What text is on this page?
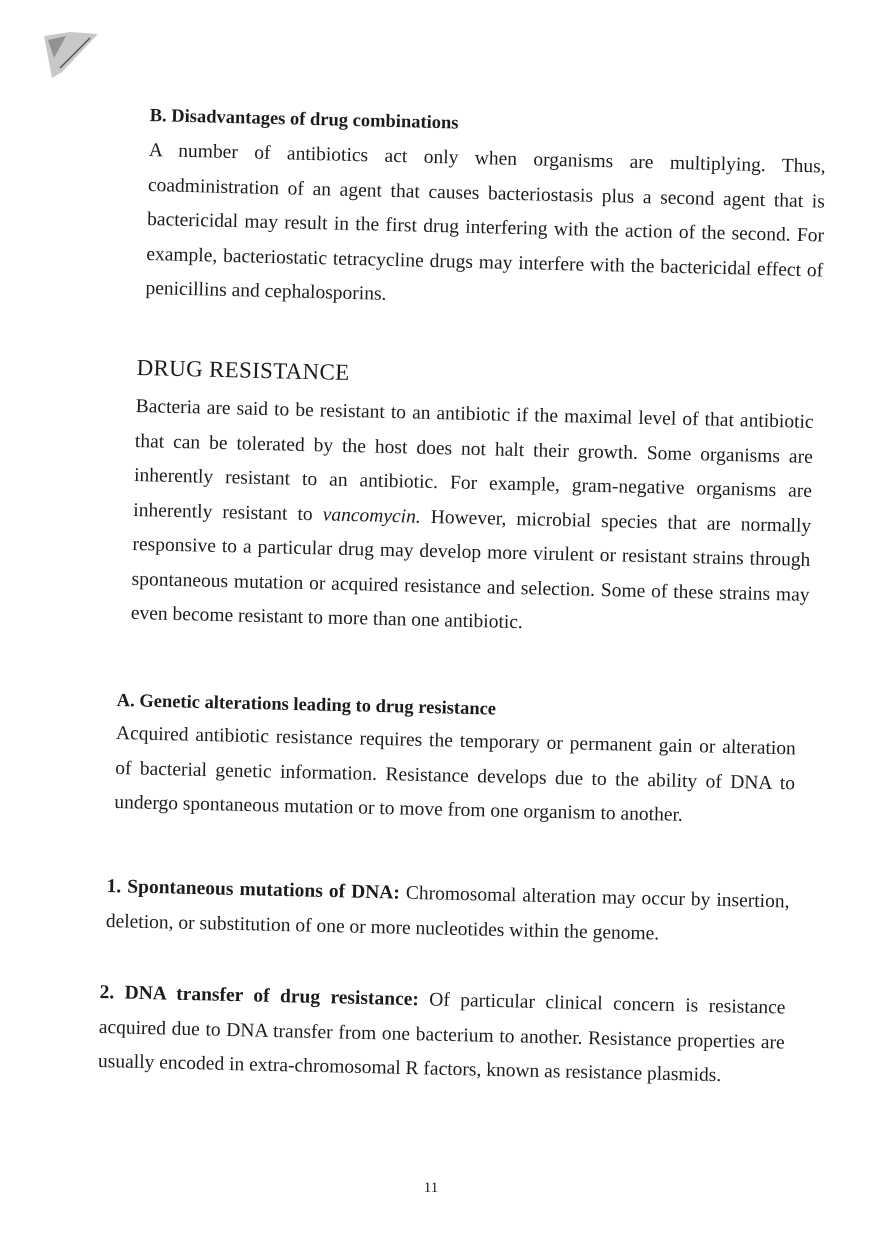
B. Disadvantages of drug combinations

A number of antibiotics act only when organisms are multiplying. Thus, coadministration of an agent that causes bacteriostasis plus a second agent that is bactericidal may result in the first drug interfering with the action of the second. For example, bacteriostatic tetracycline drugs may interfere with the bactericidal effect of penicillins and cephalosporins.

DRUG RESISTANCE

Bacteria are said to be resistant to an antibiotic if the maximal level of that antibiotic that can be tolerated by the host does not halt their growth. Some organisms are inherently resistant to an antibiotic. For example, gram-negative organisms are inherently resistant to vancomycin. However, microbial species that are normally responsive to a particular drug may develop more virulent or resistant strains through spontaneous mutation or acquired resistance and selection. Some of these strains may even become resistant to more than one antibiotic.

A. Genetic alterations leading to drug resistance

Acquired antibiotic resistance requires the temporary or permanent gain or alteration of bacterial genetic information. Resistance develops due to the ability of DNA to undergo spontaneous mutation or to move from one organism to another.

1. Spontaneous mutations of DNA: Chromosomal alteration may occur by insertion, deletion, or substitution of one or more nucleotides within the genome.

2. DNA transfer of drug resistance: Of particular clinical concern is resistance acquired due to DNA transfer from one bacterium to another. Resistance properties are usually encoded in extra-chromosomal R factors, known as resistance plasmids.

11
